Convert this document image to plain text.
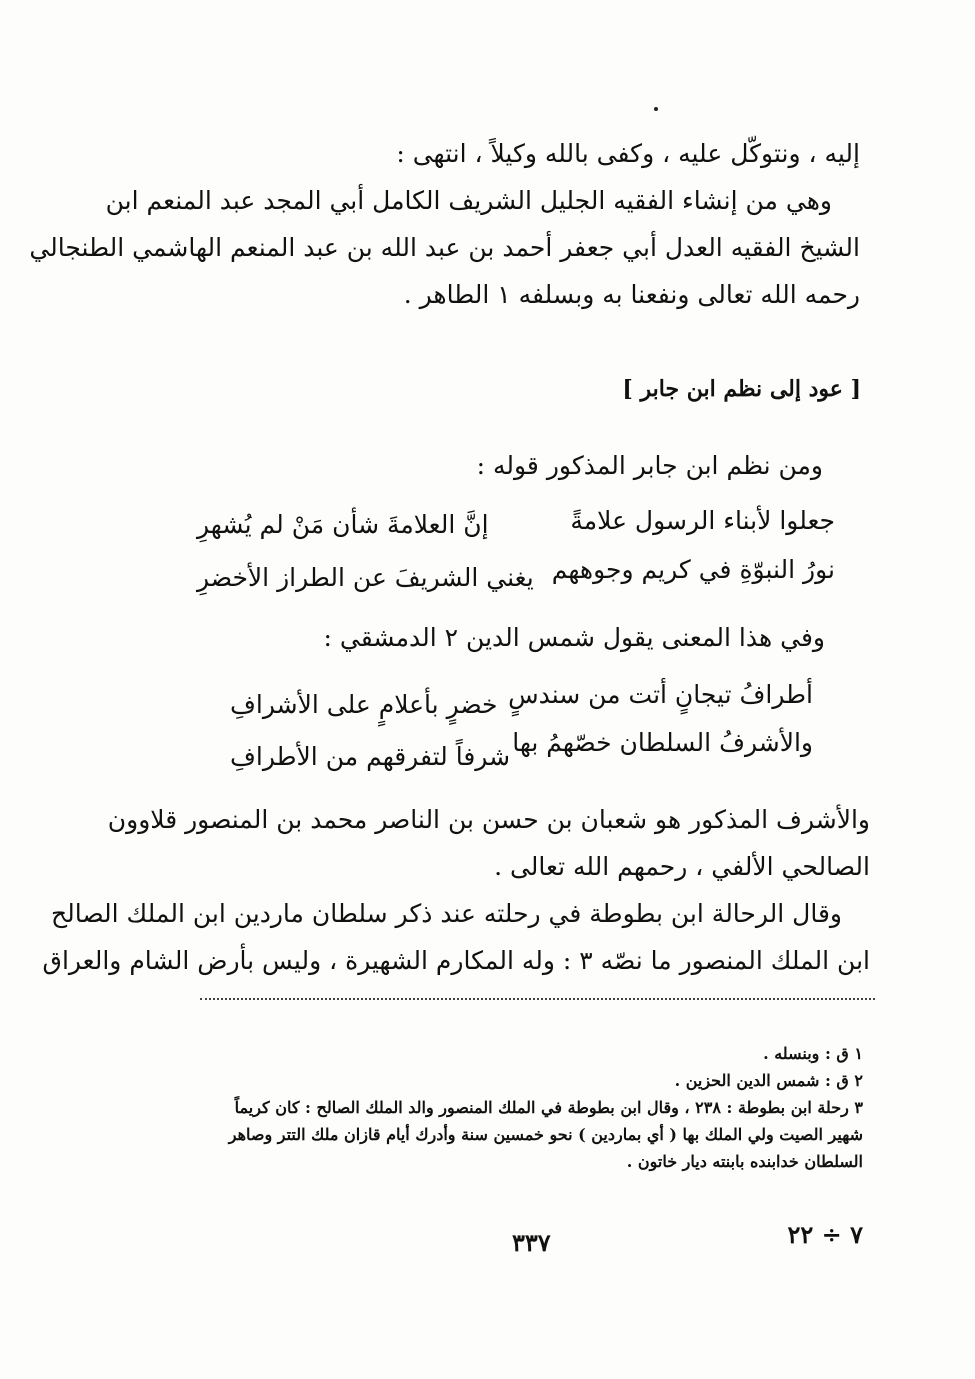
إليه ، ونتوكّل عليه ، وكفى بالله وكيلاً ، انتهى :
وهي من إنشاء الفقيه الجليل الشريف الكامل أبي المجد عبد المنعم ابن
الشيخ الفقيه العدل أبي جعفر أحمد بن عبد الله بن عبد المنعم الهاشمي الطنجالي
رحمه الله تعالى ونفعنا به وبسلفه ١ الطاهر .
[ عود إلى نظم ابن جابر ]
ومن نظم ابن جابر المذكور قوله :
جعلوا لأبناء الرسول علامةً
إنَّ العلامةَ شأن مَنْ لم يُشهرِ
نورُ النبوّةِ في كريم وجوههم
يغني الشريفَ عن الطراز الأخضرِ
وفي هذا المعنى يقول شمس الدين ٢ الدمشقي :
أطرافُ تيجانٍ أتت من سندسٍ
خضرٍ بأعلامٍ على الأشرافِ
والأشرفُ السلطان خصّهمُ بها
شرفاً لتفرقهم من الأطرافِ
والأشرف المذكور هو شعبان بن حسن بن الناصر محمد بن المنصور قلاوون
الصالحي الألفي ، رحمهم الله تعالى .
وقال الرحالة ابن بطوطة في رحلته عند ذكر سلطان ماردين ابن الملك الصالح
ابن الملك المنصور ما نصّه ٣ : وله المكارم الشهيرة ، وليس بأرض الشام والعراق
١ ق : وبنسله .
٢ ق : شمس الدين الحزين .
٣ رحلة ابن بطوطة : ٢٣٨ ، وقال ابن بطوطة في الملك المنصور والد الملك الصالح : كان كريماً
شهير الصيت ولي الملك بها ( أي بماردين ) نحو خمسين سنة وأدرك أيام قازان ملك التتر وصاهر
السلطان خدابنده بابنته ديار خاتون .
٣٣٧	٧ ÷ ٢٢
